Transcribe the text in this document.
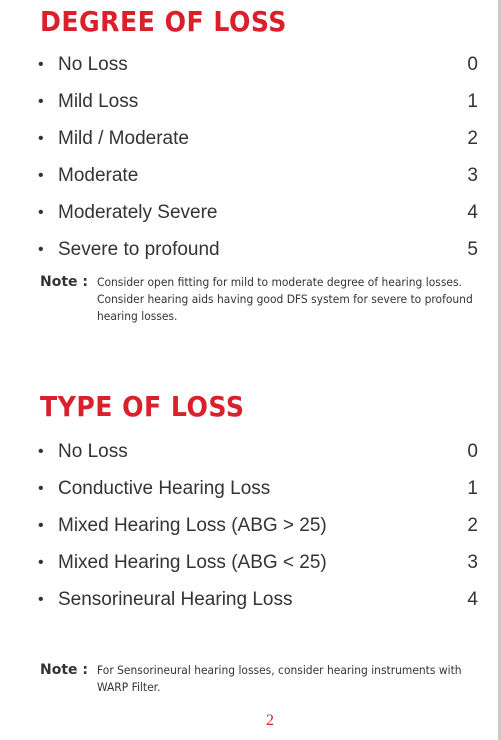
DEGREE OF LOSS
• No Loss	0
• Mild Loss	1
• Mild / Moderate	2
• Moderate	3
• Moderately Severe	4
• Severe to profound	5
Note : Consider open fitting for mild to moderate degree of hearing losses.
Consider hearing aids having good DFS system for severe to profound
hearing losses.
TYPE OF LOSS
• No Loss	0
• Conductive Hearing Loss	1
• Mixed Hearing Loss (ABG > 25)	2
• Mixed Hearing Loss (ABG < 25)	3
• Sensorineural Hearing Loss	4
Note : For Sensorineural hearing losses, consider hearing instruments with
WARP Filter.
2
